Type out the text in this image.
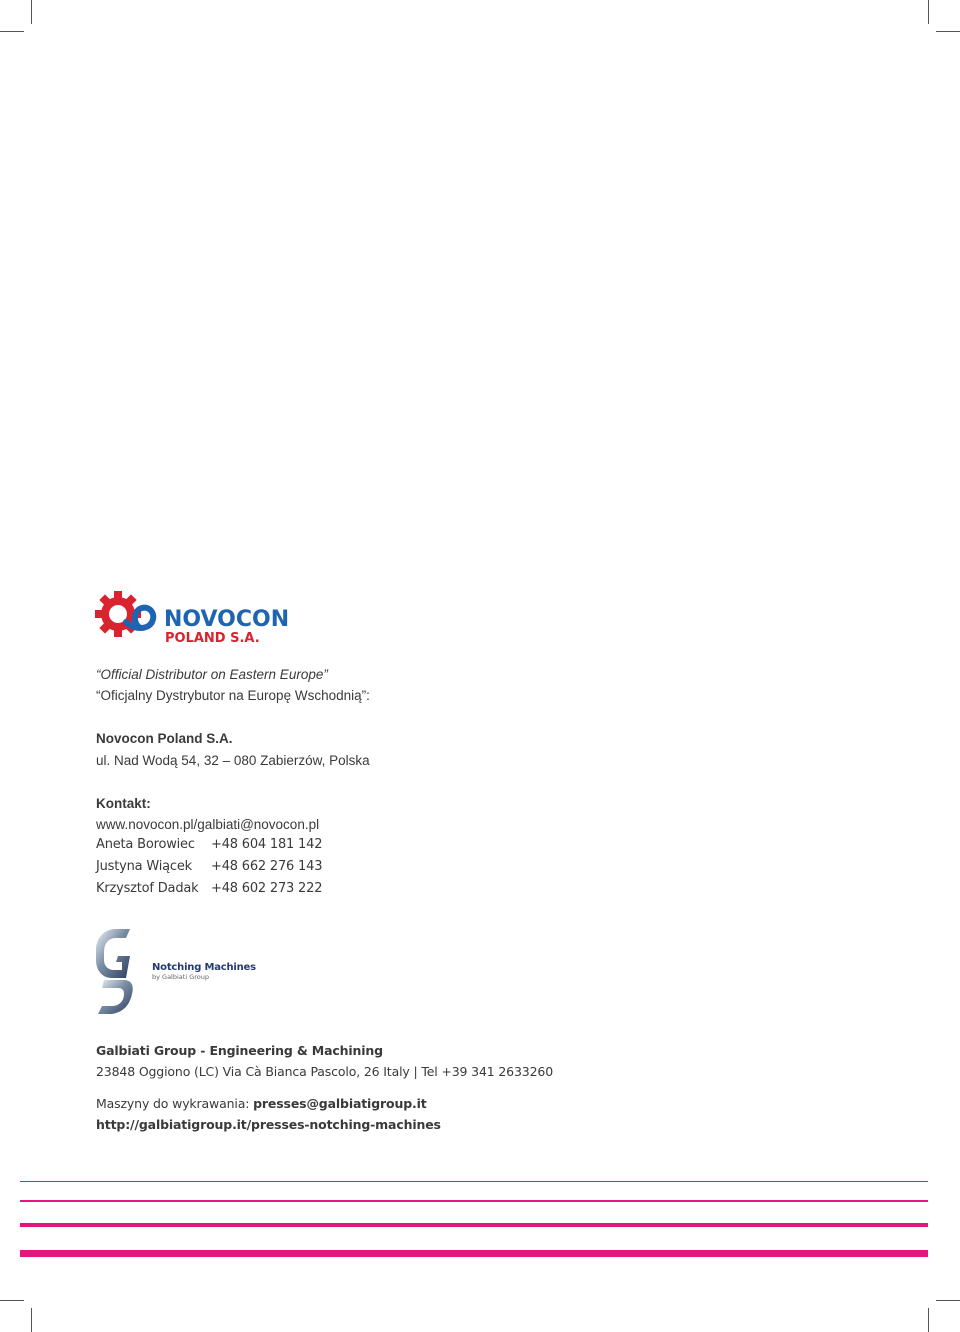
NOVOCON
POLAND S.A.
“Official Distributor on Eastern Europe”
“Oficjalny Dystrybutor na Europę Wschodnią”:
Novocon Poland S.A.
ul. Nad Wodą 54, 32 – 080 Zabierzów, Polska
Kontakt:
www.novocon.pl/galbiati@novocon.pl
Aneta Borowiec +48 604 181 142
Justyna Wiącek +48 662 276 143
Krzysztof Dadak +48 602 273 222
Notching Machines
by Galbiati Group
Galbiati Group - Engineering & Machining
23848 Oggiono (LC) Via Cà Bianca Pascolo, 26 Italy | Tel +39 341 2633260
Maszyny do wykrawania: presses@galbiatigroup.it
http://galbiatigroup.it/presses-notching-machines
